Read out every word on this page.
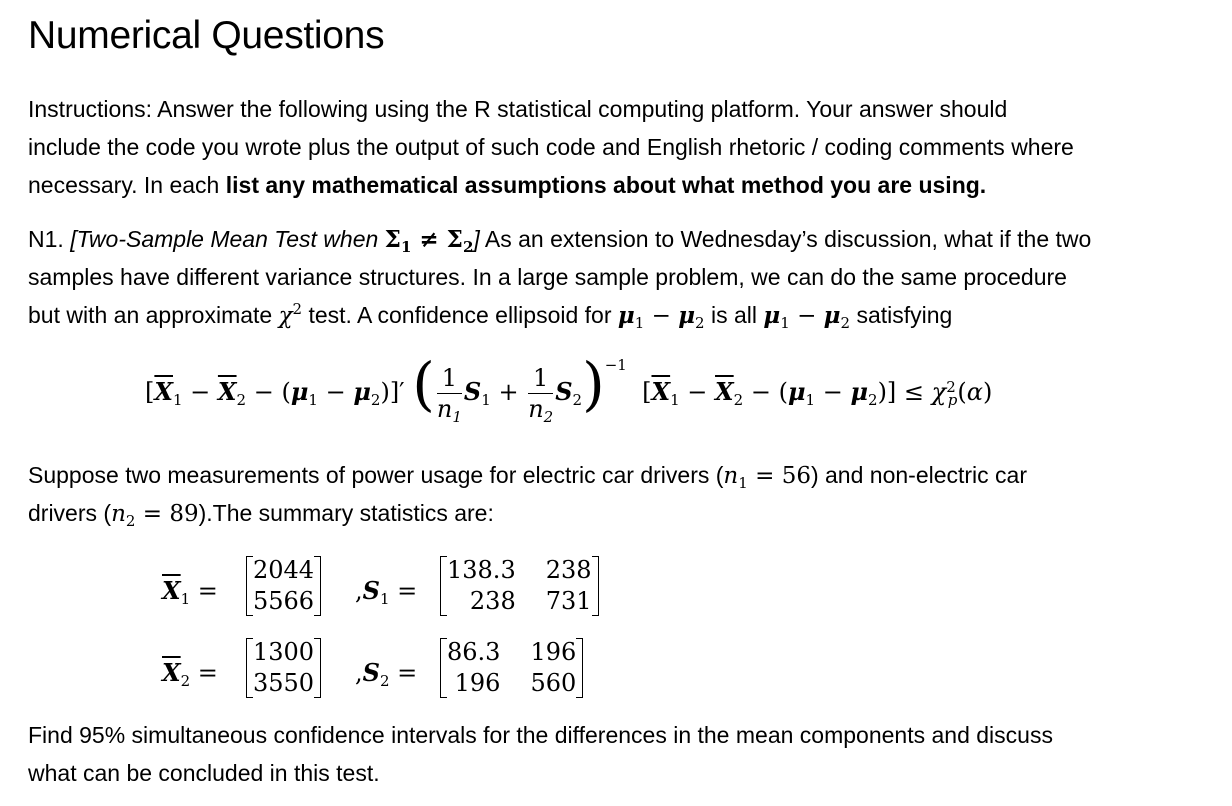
Numerical Questions
Instructions: Answer the following using the R statistical computing platform. Your answer should
include the code you wrote plus the output of such code and English rhetoric / coding comments where
necessary. In each list any mathematical assumptions about what method you are using.
N1. [Two-Sample Mean Test when $\Sigma_1 \ne \Sigma_2$] As an extension to Wednesday’s discussion, what if the two
samples have different variance structures. In a large sample problem, we can do the same procedure
but with an approximate $\chi^2$ test. A confidence ellipsoid for $\mu_1 - \mu_2$ is all $\mu_1 - \mu_2$ satisfying
$[\overline{X}_1 - \overline{X}_2 - (\mu_1 - \mu_2)]'$ ( $\frac{1}{n_1} S_1 + \frac{1}{n_2} S_2)^{-1}$  $[\overline{X}_1 - \overline{X}_2 - (\mu_1 - \mu_2)] \le \chi^2_p(\alpha)$
Suppose two measurements of power usage for electric car drivers $(n_1 = 56)$ and non-electric car
drivers $(n_2 = 89).The$ summary statistics are:
$\overline{X}_1$ =
2044
5566 $,S_1$ =
138.3 238
238 731
$\overline{X}_2$ =
1300
3550 $,S_2$ =
86.3 196
196 560
Find 95% simultaneous confidence intervals for the differences in the mean components and discuss
what can be concluded in this test.
